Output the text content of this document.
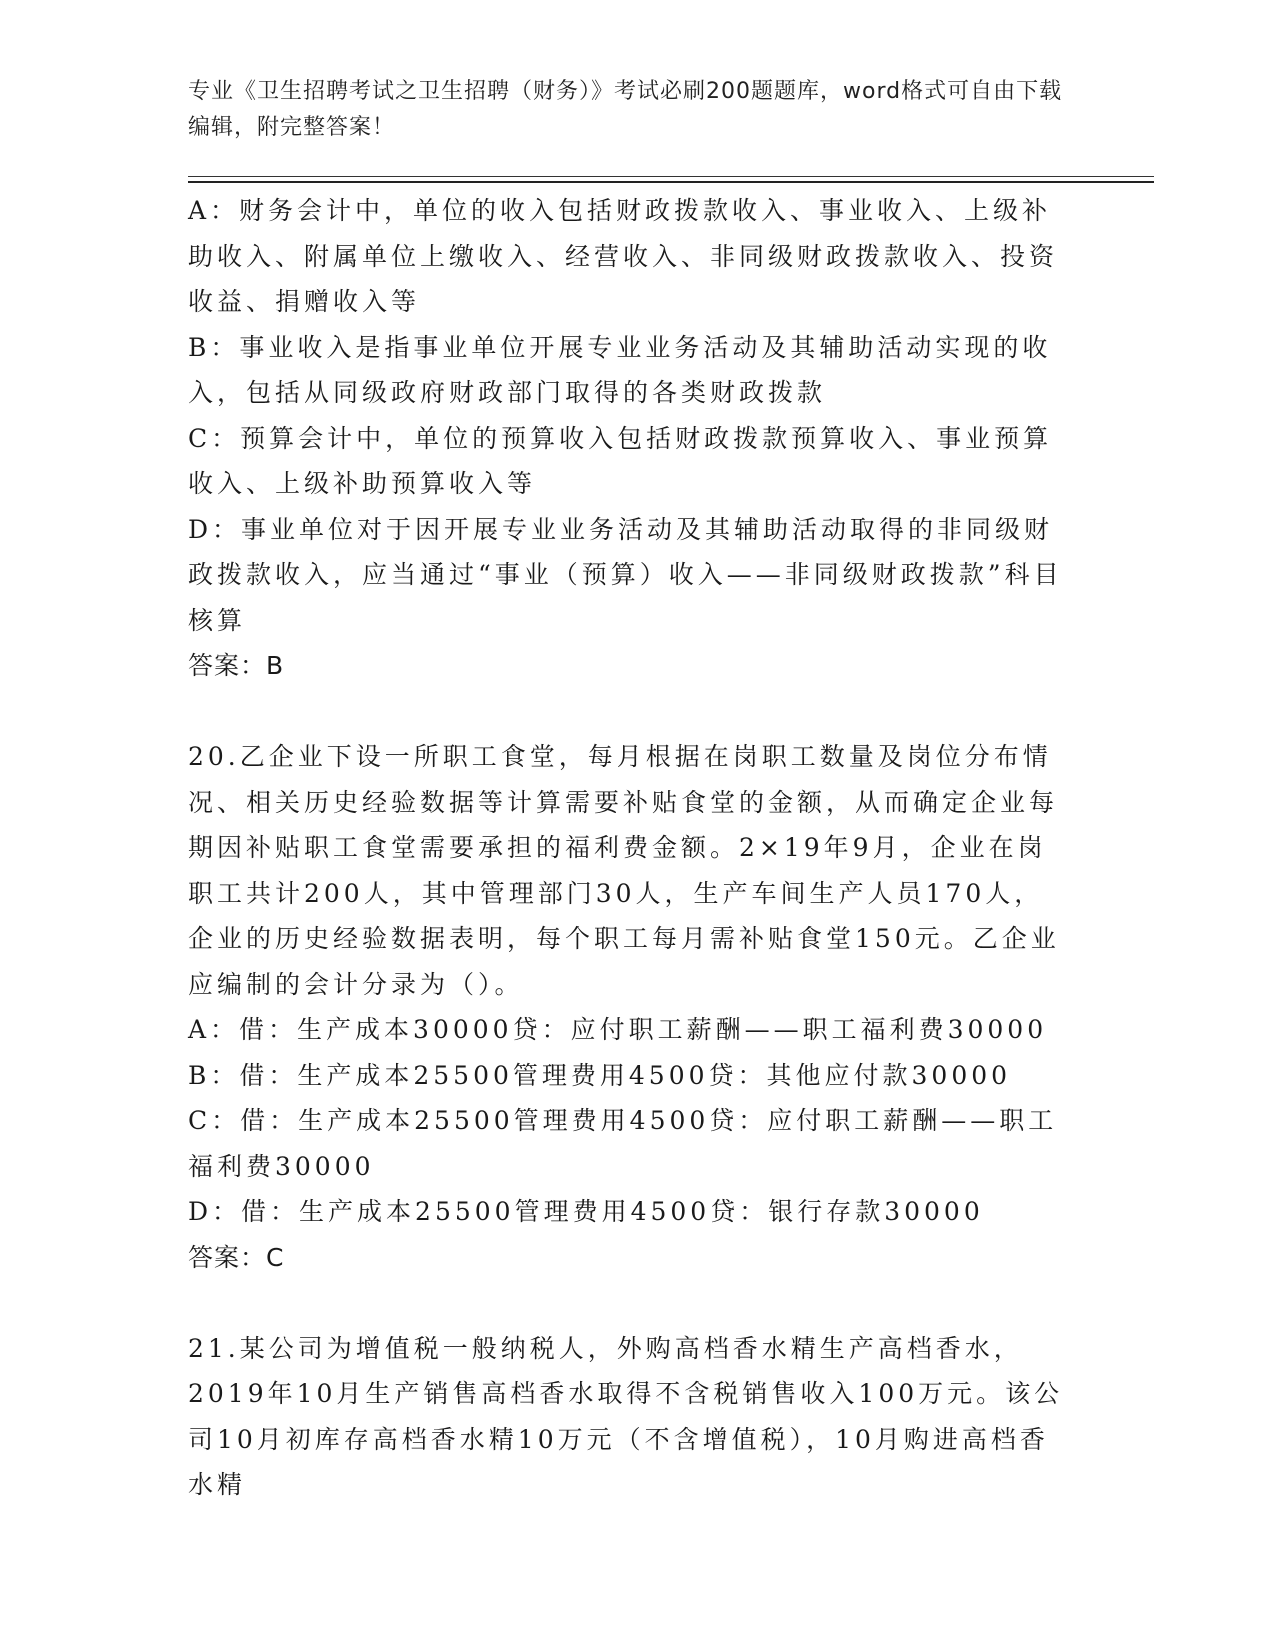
专业《卫生招聘考试之卫生招聘（财务）》考试必刷200题题库，word格式可自由下载编辑，附完整答案！

A：财务会计中，单位的收入包括财政拨款收入、事业收入、上级补助收入、附属单位上缴收入、经营收入、非同级财政拨款收入、投资收益、捐赠收入等

B：事业收入是指事业单位开展专业业务活动及其辅助活动实现的收入，包括从同级政府财政部门取得的各类财政拨款

C：预算会计中，单位的预算收入包括财政拨款预算收入、事业预算收入、上级补助预算收入等

D：事业单位对于因开展专业业务活动及其辅助活动取得的非同级财政拨款收入，应当通过“事业（预算）收入——非同级财政拨款”科目核算

答案：B

20.乙企业下设一所职工食堂，每月根据在岗职工数量及岗位分布情况、相关历史经验数据等计算需要补贴食堂的金额，从而确定企业每期因补贴职工食堂需要承担的福利费金额。2×19年9月，企业在岗职工共计200人，其中管理部门30人，生产车间生产人员170人，企业的历史经验数据表明，每个职工每月需补贴食堂150元。乙企业应编制的会计分录为（）。

A：借：生产成本30000贷：应付职工薪酬——职工福利费30000

B：借：生产成本25500管理费用4500贷：其他应付款30000

C：借：生产成本25500管理费用4500贷：应付职工薪酬——职工福利费30000

D：借：生产成本25500管理费用4500贷：银行存款30000

答案：C

21.某公司为增值税一般纳税人，外购高档香水精生产高档香水，2019年10月生产销售高档香水取得不含税销售收入100万元。该公司10月初库存高档香水精10万元（不含增值税），10月购进高档香水精
